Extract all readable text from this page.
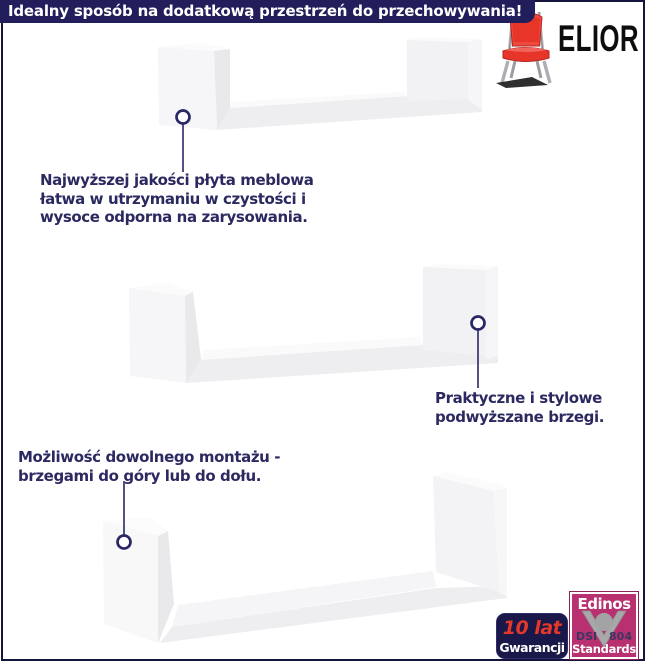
Idealny sposób na dodatkową przestrzeń do przechowywania!
ELIOR
Najwyższej jakości płyta meblowa
łatwa w utrzymaniu w czystości i
wysoce odporna na zarysowania.
Praktyczne i stylowe
podwyższane brzegi.
Możliwość dowolnego montażu -
brzegami do góry lub do dołu.
10 lat
Gwarancji
Edinos
DSI 804
Standards
